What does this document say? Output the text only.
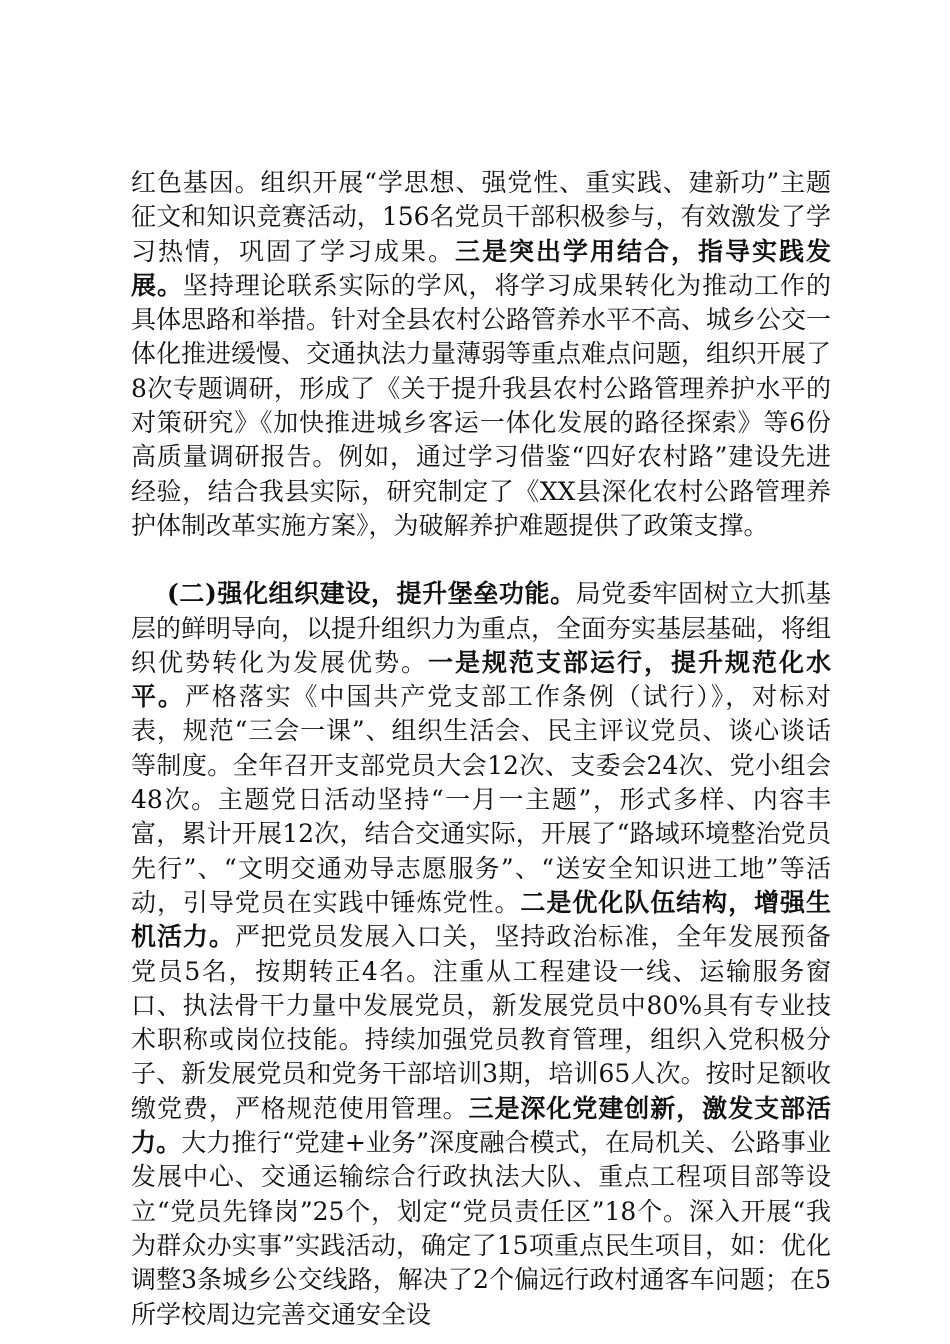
红色基因。组织开展“学思想、强党性、重实践、建新功”主题征文和知识竞赛活动，156名党员干部积极参与，有效激发了学习热情，巩固了学习成果。三是突出学用结合，指导实践发展。坚持理论联系实际的学风，将学习成果转化为推动工作的具体思路和举措。针对全县农村公路管养水平不高、城乡公交一体化推进缓慢、交通执法力量薄弱等重点难点问题，组织开展了8次专题调研，形成了《关于提升我县农村公路管理养护水平的对策研究》《加快推进城乡客运一体化发展的路径探索》等6份高质量调研报告。例如，通过学习借鉴“四好农村路”建设先进经验，结合我县实际，研究制定了《XX县深化农村公路管理养护体制改革实施方案》，为破解养护难题提供了政策支撑。

(二)强化组织建设，提升堡垒功能。局党委牢固树立大抓基层的鲜明导向，以提升组织力为重点，全面夯实基层基础，将组织优势转化为发展优势。一是规范支部运行，提升规范化水平。严格落实《中国共产党支部工作条例（试行）》，对标对表，规范“三会一课”、组织生活会、民主评议党员、谈心谈话等制度。全年召开支部党员大会12次、支委会24次、党小组会48次。主题党日活动坚持“一月一主题”，形式多样、内容丰富，累计开展12次，结合交通实际，开展了“路域环境整治党员先行”、“文明交通劝导志愿服务”、“送安全知识进工地”等活动，引导党员在实践中锤炼党性。二是优化队伍结构，增强生机活力。严把党员发展入口关，坚持政治标准，全年发展预备党员5名，按期转正4名。注重从工程建设一线、运输服务窗口、执法骨干力量中发展党员，新发展党员中80%具有专业技术职称或岗位技能。持续加强党员教育管理，组织入党积极分子、新发展党员和党务干部培训3期，培训65人次。按时足额收缴党费，严格规范使用管理。三是深化党建创新，激发支部活力。大力推行“党建+业务”深度融合模式，在局机关、公路事业发展中心、交通运输综合行政执法大队、重点工程项目部等设立“党员先锋岗”25个，划定“党员责任区”18个。深入开展“我为群众办实事”实践活动，确定了15项重点民生项目，如：优化调整3条城乡公交线路，解决了2个偏远行政村通客车问题；在5所学校周边完善交通安全设
